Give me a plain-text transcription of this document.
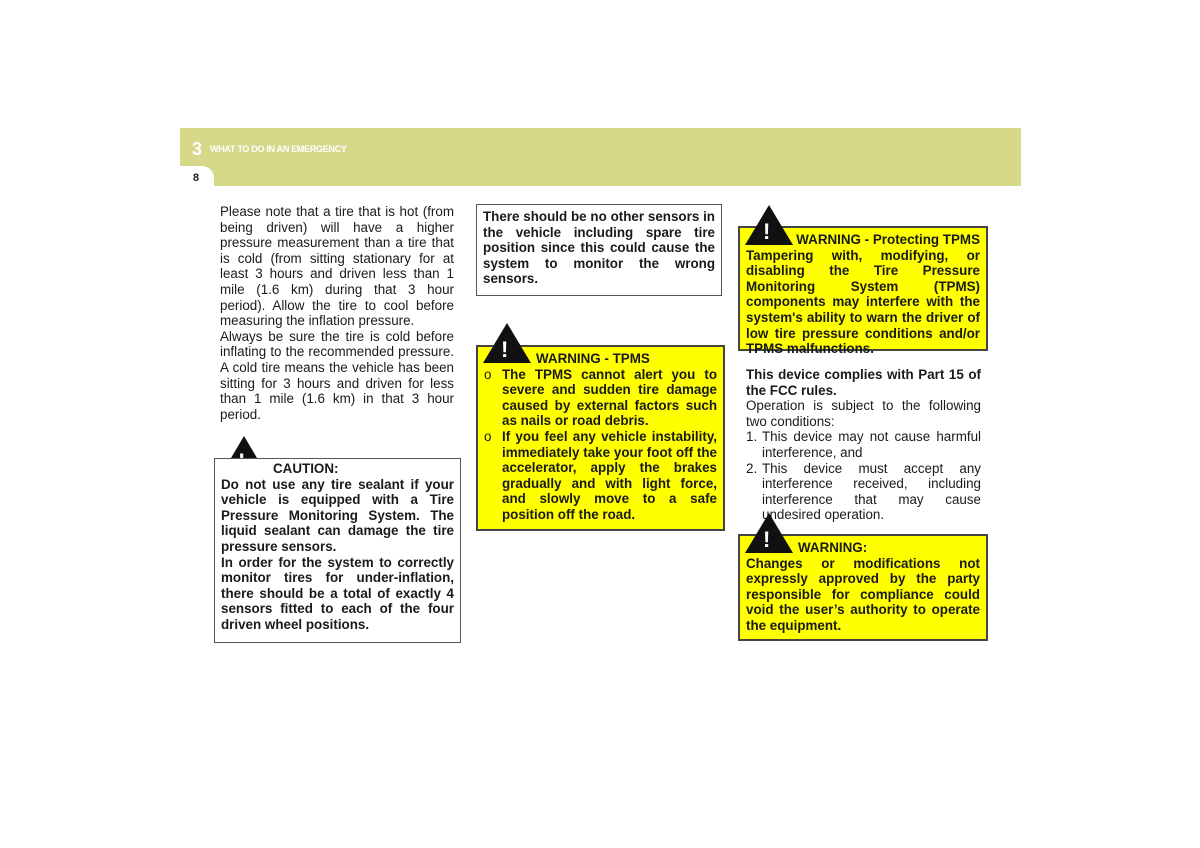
3 WHAT TO DO IN AN EMERGENCY
8

Please note that a tire that is hot (from being driven) will have a higher pressure measurement than a tire that is cold (from sitting stationary for at least 3 hours and driven less than 1 mile (1.6 km) during that 3 hour period). Allow the tire to cool before measuring the inflation pressure.

Always be sure the tire is cold before inflating to the recommended pressure. A cold tire means the vehicle has been sitting for 3 hours and driven for less than 1 mile (1.6 km) in that 3 hour period.

CAUTION:

Do not use any tire sealant if your vehicle is equipped with a Tire Pressure Monitoring System. The liquid sealant can damage the tire pressure sensors.

In order for the system to correctly monitor tires for under-inflation, there should be a total of exactly 4 sensors fitted to each of the four driven wheel positions.

There should be no other sensors in the vehicle including spare tire position since this could cause the system to monitor the wrong sensors.

WARNING - TPMS

o The TPMS cannot alert you to severe and sudden tire damage caused by external factors such as nails or road debris.
o If you feel any vehicle instability, immediately take your foot off the accelerator, apply the brakes gradually and with light force, and slowly move to a safe position off the road.
!

WARNING - Protecting TPMS

Tampering with, modifying, or disabling the Tire Pressure Monitoring System (TPMS) components may interfere with the system's ability to warn the driver of low tire pressure conditions and/or TPMS malfunctions.

!

This device complies with Part 15 of the FCC rules.

Operation is subject to the following two conditions:

1. This device may not cause harmful interference, and
2. This device must accept any interference received, including interference that may cause undesired operation.

WARNING:

Changes or modifications not expressly approved by the party responsible for compliance could void the user’s authority to operate the equipment.

!
